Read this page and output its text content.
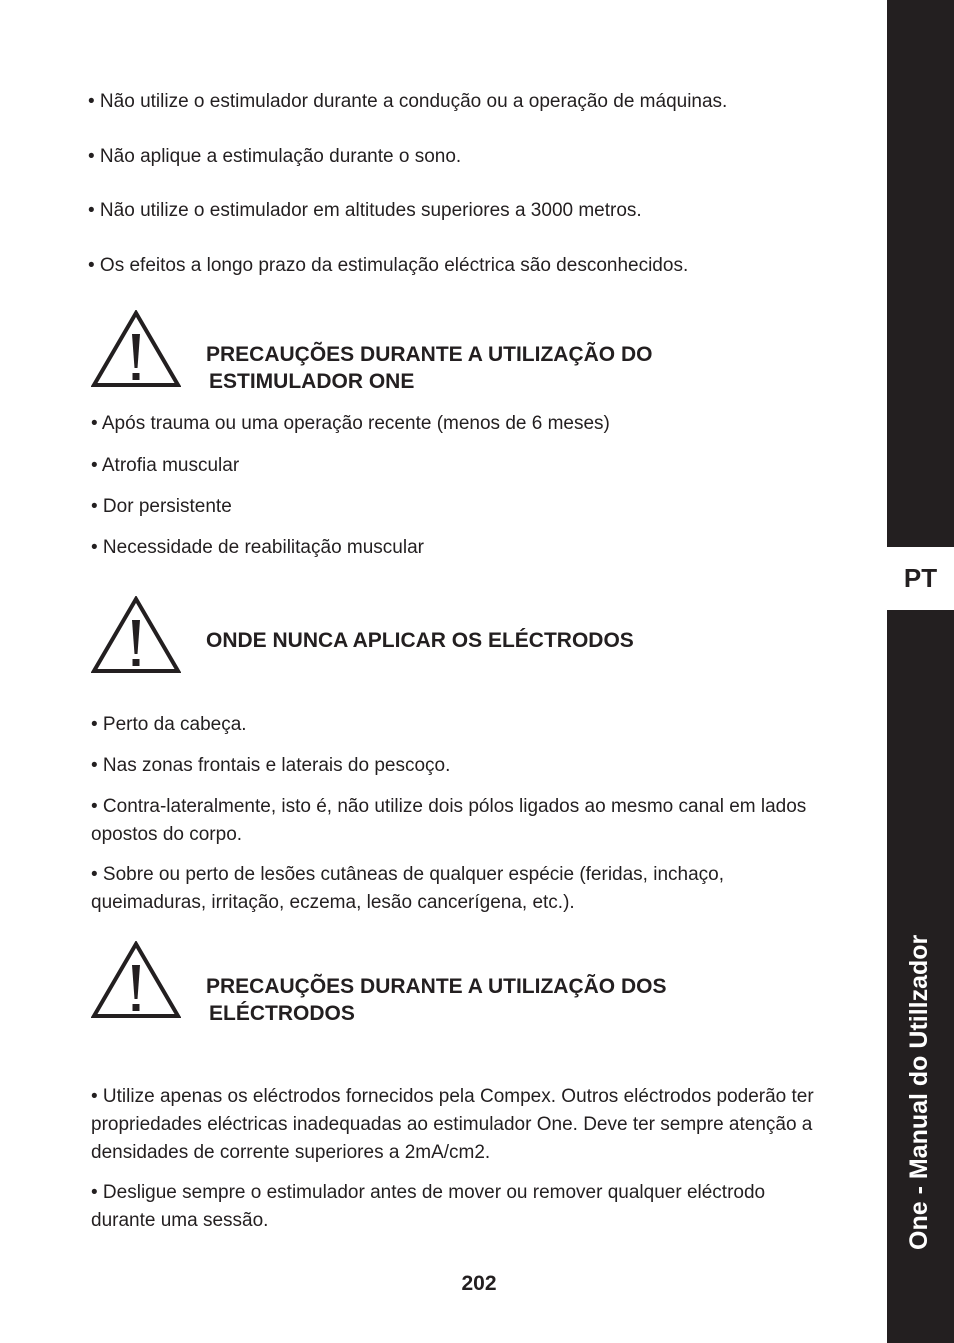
PT
One - Manual do Utillzador
• Não utilize o estimulador durante a condução ou a operação de máquinas.
• Não aplique a estimulação durante o sono.
• Não utilize o estimulador em altitudes superiores a 3000 metros.
• Os efeitos a longo prazo da estimulação eléctrica são desconhecidos.
PRECAUÇÕES DURANTE A UTILIZAÇÃO DO
ESTIMULADOR ONE
• Após trauma ou uma operação recente (menos de 6 meses)
• Atrofia muscular
• Dor persistente
• Necessidade de reabilitação muscular
ONDE NUNCA APLICAR OS ELÉCTRODOS
• Perto da cabeça.
• Nas zonas frontais e laterais do pescoço.
• Contra-lateralmente, isto é, não utilize dois pólos ligados ao mesmo canal em lados opostos do corpo.
• Sobre ou perto de lesões cutâneas de qualquer espécie (feridas, inchaço, queimaduras, irritação, eczema, lesão cancerígena, etc.).
PRECAUÇÕES DURANTE A UTILIZAÇÃO DOS
ELÉCTRODOS
• Utilize apenas os eléctrodos fornecidos pela Compex. Outros eléctrodos poderão ter propriedades eléctricas inadequadas ao estimulador One. Deve ter sempre atenção a densidades de corrente superiores a 2mA/cm2.
• Desligue sempre o estimulador antes de mover ou remover qualquer eléctrodo durante uma sessão.
202
